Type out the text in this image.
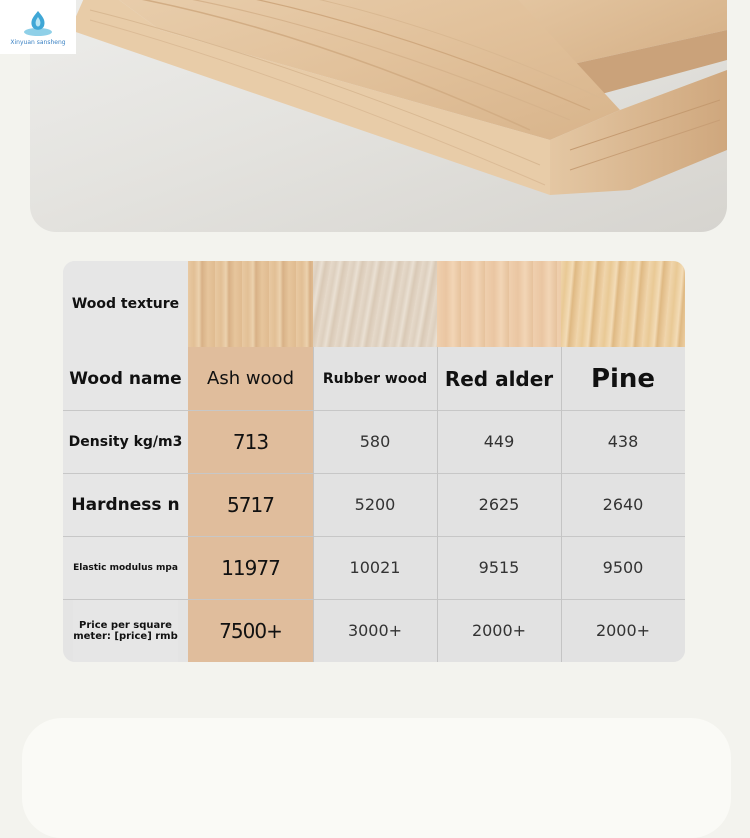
Xinyuan sansheng
Wood texture
Wood name
Density kg/m3
Hardness n
Elastic modulus mpa
Price per square meter: [price] rmb
Ash wood
713
5717
11977
7500+
Rubber wood
580
5200
10021
3000+
Red alder
449
2625
9515
2000+
Pine
438
2640
9500
2000+
